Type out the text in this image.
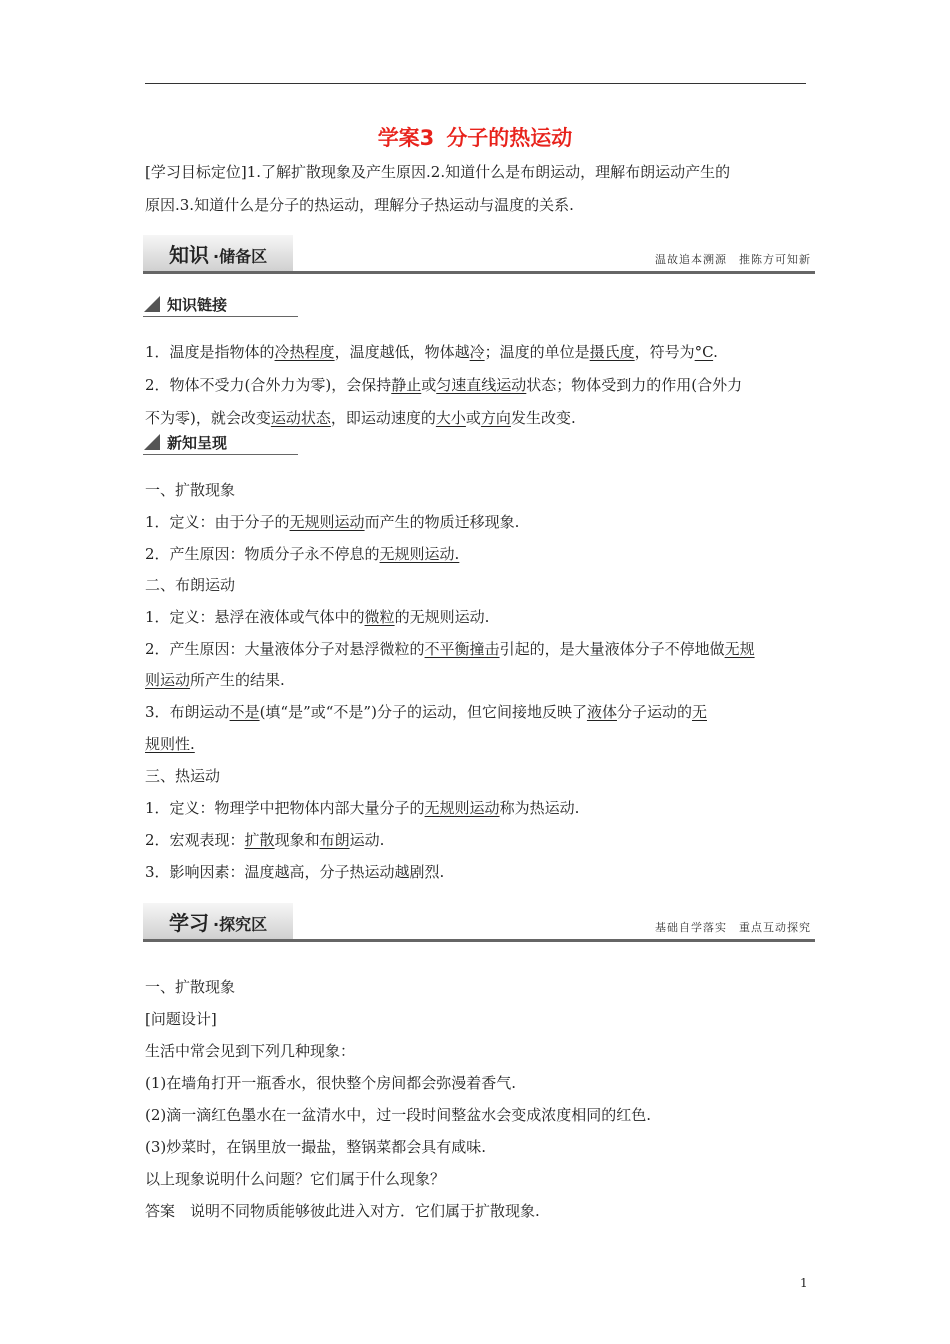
学案3 分子的热运动

[学习目标定位]1.了解扩散现象及产生原因.2.知道什么是布朗运动，理解布朗运动产生的

原因.3.知道什么是分子的热运动，理解分子热运动与温度的关系.

知识 ·储备区	温故追本溯源　推陈方可知新
知识链接

1．温度是指物体的冷热程度，温度越低，物体越冷；温度的单位是摄氏度，符号为°C.

2．物体不受力(合外力为零)，会保持静止或匀速直线运动状态；物体受到力的作用(合外力

不为零)，就会改变运动状态，即运动速度的大小或方向发生改变.

新知呈现

一、扩散现象

1．定义：由于分子的无规则运动而产生的物质迁移现象.

2．产生原因：物质分子永不停息的无规则运动.

二、布朗运动

1．定义：悬浮在液体或气体中的微粒的无规则运动.

2．产生原因：大量液体分子对悬浮微粒的不平衡撞击引起的，是大量液体分子不停地做无规

则运动所产生的结果.

3．布朗运动不是(填“是”或“不是”)分子的运动，但它间接地反映了液体分子运动的无

规则性.

三、热运动

1．定义：物理学中把物体内部大量分子的无规则运动称为热运动.

2．宏观表现：扩散现象和布朗运动.

3．影响因素：温度越高，分子热运动越剧烈.

学习 ·探究区	基础自学落实　重点互动探究

一、扩散现象

[问题设计]

生活中常会见到下列几种现象：

(1)在墙角打开一瓶香水，很快整个房间都会弥漫着香气.

(2)滴一滴红色墨水在一盆清水中，过一段时间整盆水会变成浓度相同的红色.

(3)炒菜时，在锅里放一撮盐，整锅菜都会具有咸味.

以上现象说明什么问题？它们属于什么现象？

答案　说明不同物质能够彼此进入对方．它们属于扩散现象.

1
